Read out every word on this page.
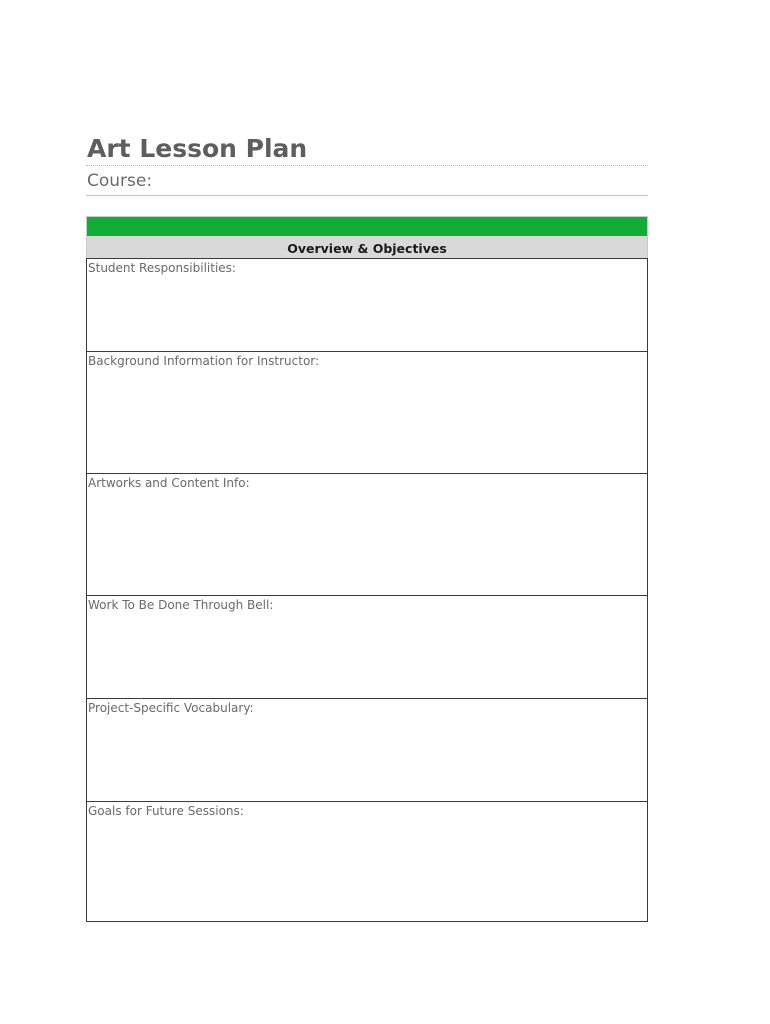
Art Lesson Plan
Course:
Overview & Objectives
Student Responsibilities:
Background Information for Instructor:
Artworks and Content Info:
Work To Be Done Through Bell:
Project-Specific Vocabulary:
Goals for Future Sessions:
